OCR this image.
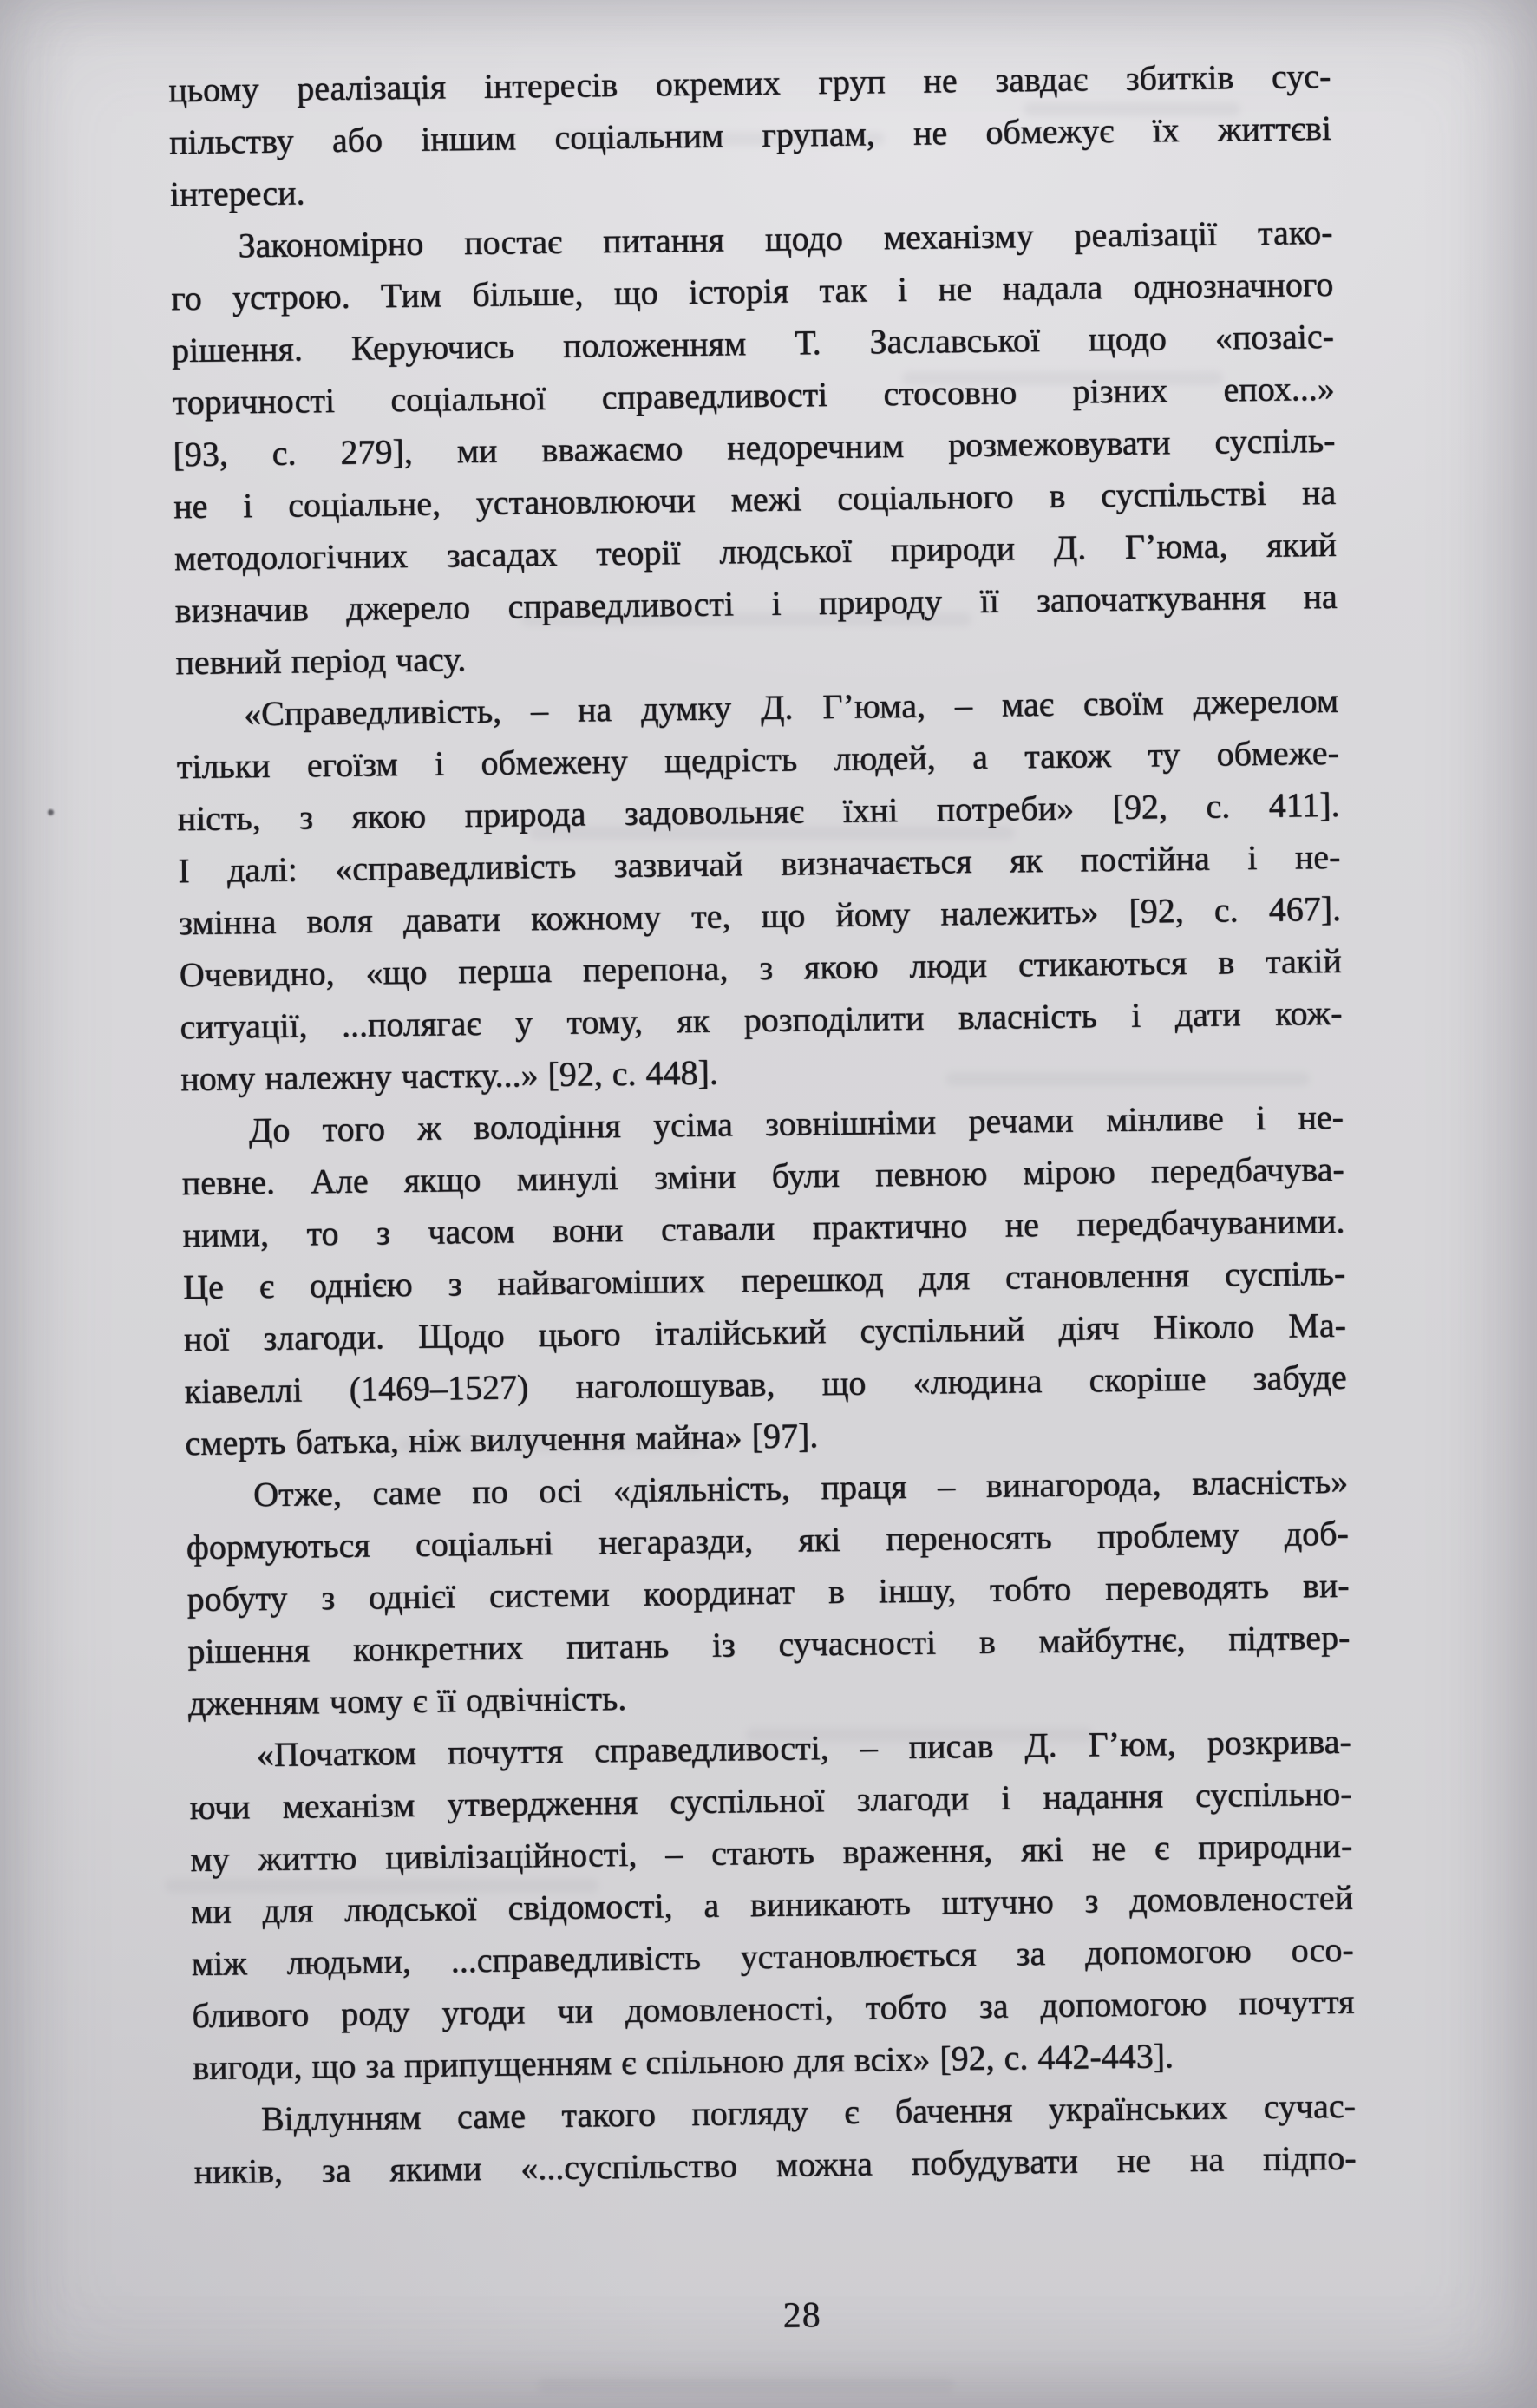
цьому реалізація інтересів окремих груп не завдає збитків сус-
пільству або іншим соціальним групам, не обмежує їх життєві
інтереси.
Закономірно постає питання щодо механізму реалізації тако-
го устрою. Тим більше, що історія так і не надала однозначного
рішення. Керуючись положенням Т. Заславської щодо «позаіс-
торичності соціальної справедливості стосовно різних епох...»
[93, с. 279], ми вважаємо недоречним розмежовувати суспіль-
не і соціальне, установлюючи межі соціального в суспільстві на
методологічних засадах теорії людської природи Д. Г’юма, який
визначив джерело справедливості і природу її започаткування на
певний період часу.
«Справедливість, – на думку Д. Г’юма, – має своїм джерелом
тільки егоїзм і обмежену щедрість людей, а також ту обмеже-
ність, з якою природа задовольняє їхні потреби» [92, с. 411].
І далі: «справедливість зазвичай визначається як постійна і не-
змінна воля давати кожному те, що йому належить» [92, с. 467].
Очевидно, «що перша перепона, з якою люди стикаються в такій
ситуації, ...полягає у тому, як розподілити власність і дати кож-
ному належну частку...» [92, с. 448].
До того ж володіння усіма зовнішніми речами мінливе і не-
певне. Але якщо минулі зміни були певною мірою передбачува-
ними, то з часом вони ставали практично не передбачуваними.
Це є однією з найвагоміших перешкод для становлення суспіль-
ної злагоди. Щодо цього італійський суспільний діяч Ніколо Ма-
кіавеллі (1469–1527) наголошував, що «людина скоріше забуде
смерть батька, ніж вилучення майна» [97].
Отже, саме по осі «діяльність, праця – винагорода, власність»
формуються соціальні негаразди, які переносять проблему доб-
робуту з однієї системи координат в іншу, тобто переводять ви-
рішення конкретних питань із сучасності в майбутнє, підтвер-
дженням чому є її одвічність.
«Початком почуття справедливості, – писав Д. Г’юм, розкрива-
ючи механізм утвердження суспільної злагоди і надання суспільно-
му життю цивілізаційності, – стають враження, які не є природни-
ми для людської свідомості, а виникають штучно з домовленостей
між людьми, ...справедливість установлюється за допомогою осо-
бливого роду угоди чи домовленості, тобто за допомогою почуття
вигоди, що за припущенням є спільною для всіх» [92, с. 442-443].
Відлунням саме такого погляду є бачення українських сучас-
ників, за якими «...суспільство можна побудувати не на підпо-
28
